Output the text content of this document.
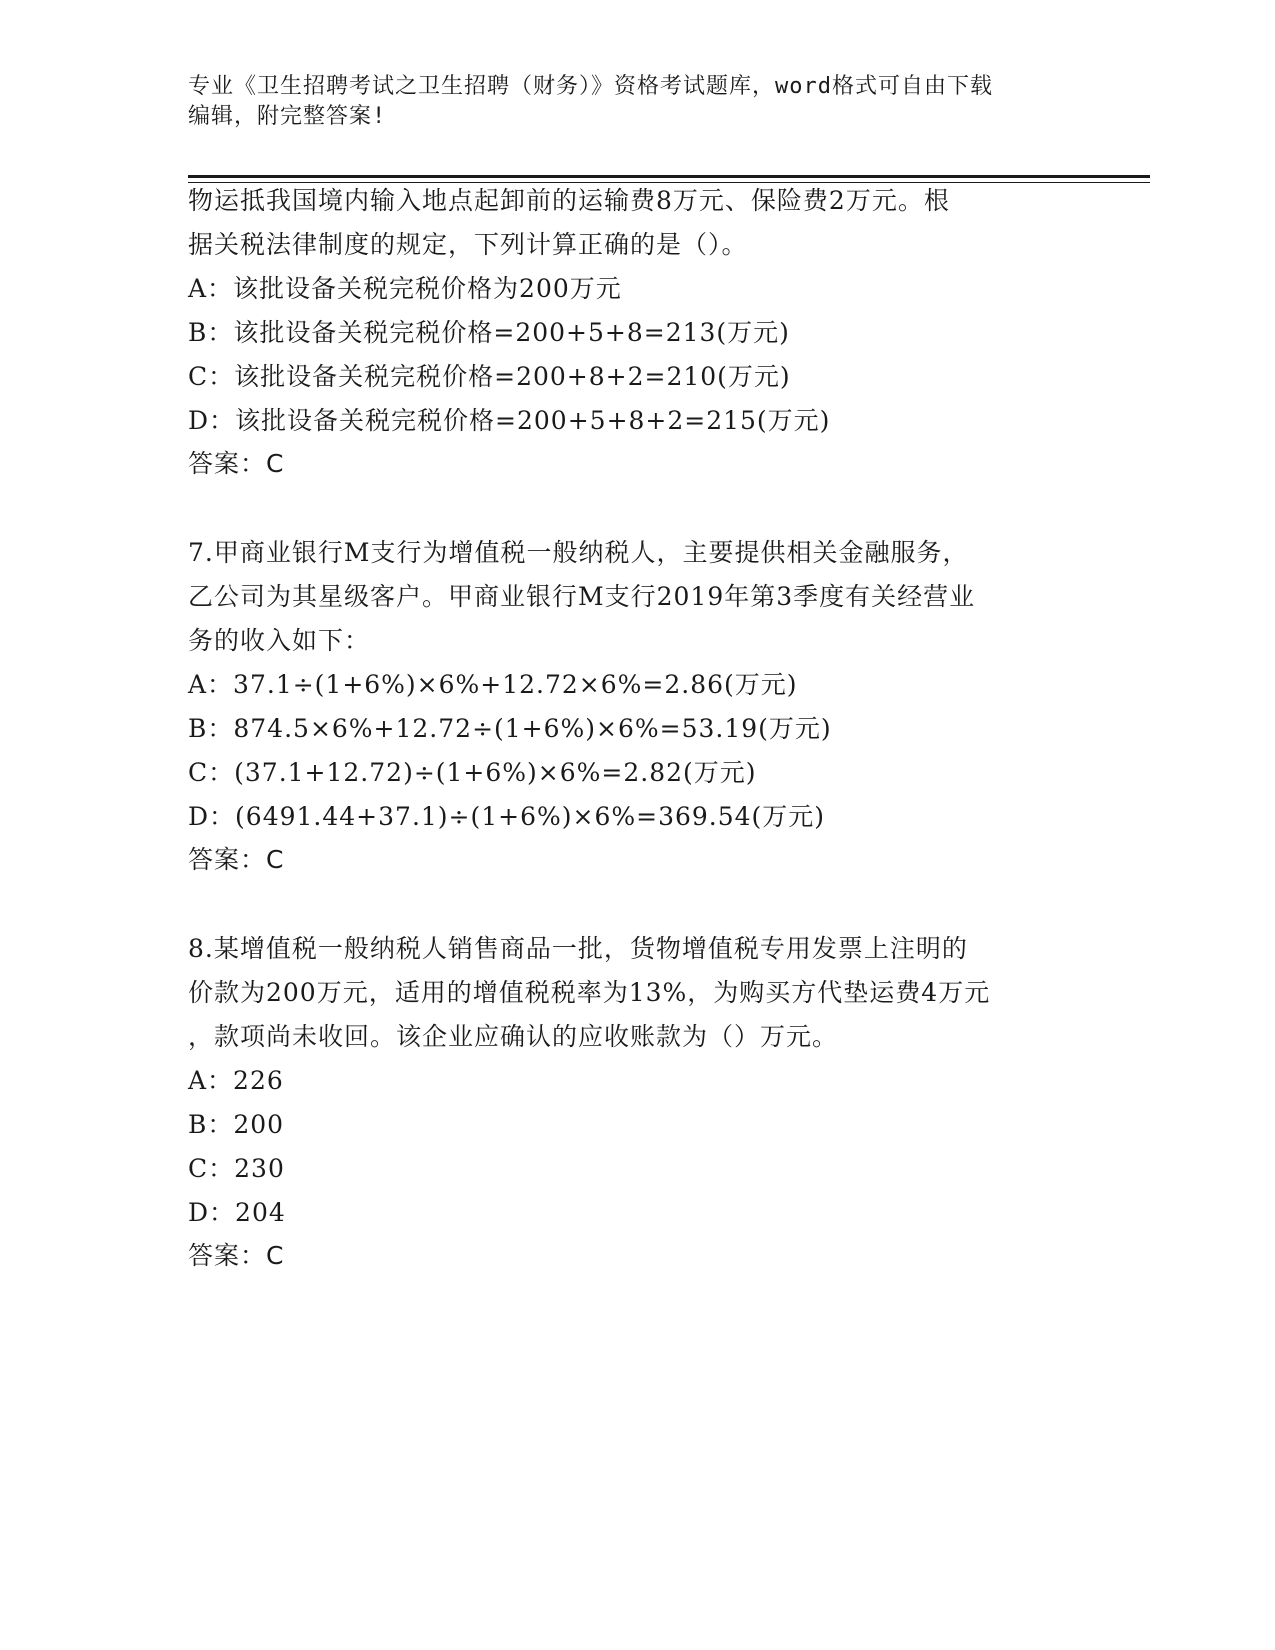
专业《卫生招聘考试之卫生招聘（财务）》资格考试题库，word格式可自由下载
编辑，附完整答案!
物运抵我国境内输入地点起卸前的运输费8万元、保险费2万元。根
据关税法律制度的规定，下列计算正确的是（）。
A：该批设备关税完税价格为200万元
B：该批设备关税完税价格=200+5+8=213(万元)
C：该批设备关税完税价格=200+8+2=210(万元)
D：该批设备关税完税价格=200+5+8+2=215(万元)
答案：C
7.甲商业银行M支行为增值税一般纳税人，主要提供相关金融服务，
乙公司为其星级客户。甲商业银行M支行2019年第3季度有关经营业
务的收入如下：
A：37.1÷(1+6%)×6%+12.72×6%=2.86(万元)
B：874.5×6%+12.72÷(1+6%)×6%=53.19(万元)
C：(37.1+12.72)÷(1+6%)×6%=2.82(万元)
D：(6491.44+37.1)÷(1+6%)×6%=369.54(万元)
答案：C
8.某增值税一般纳税人销售商品一批，货物增值税专用发票上注明的
价款为200万元，适用的增值税税率为13%，为购买方代垫运费4万元
，款项尚未收回。该企业应确认的应收账款为（）万元。
A：226
B：200
C：230
D：204
答案：C
